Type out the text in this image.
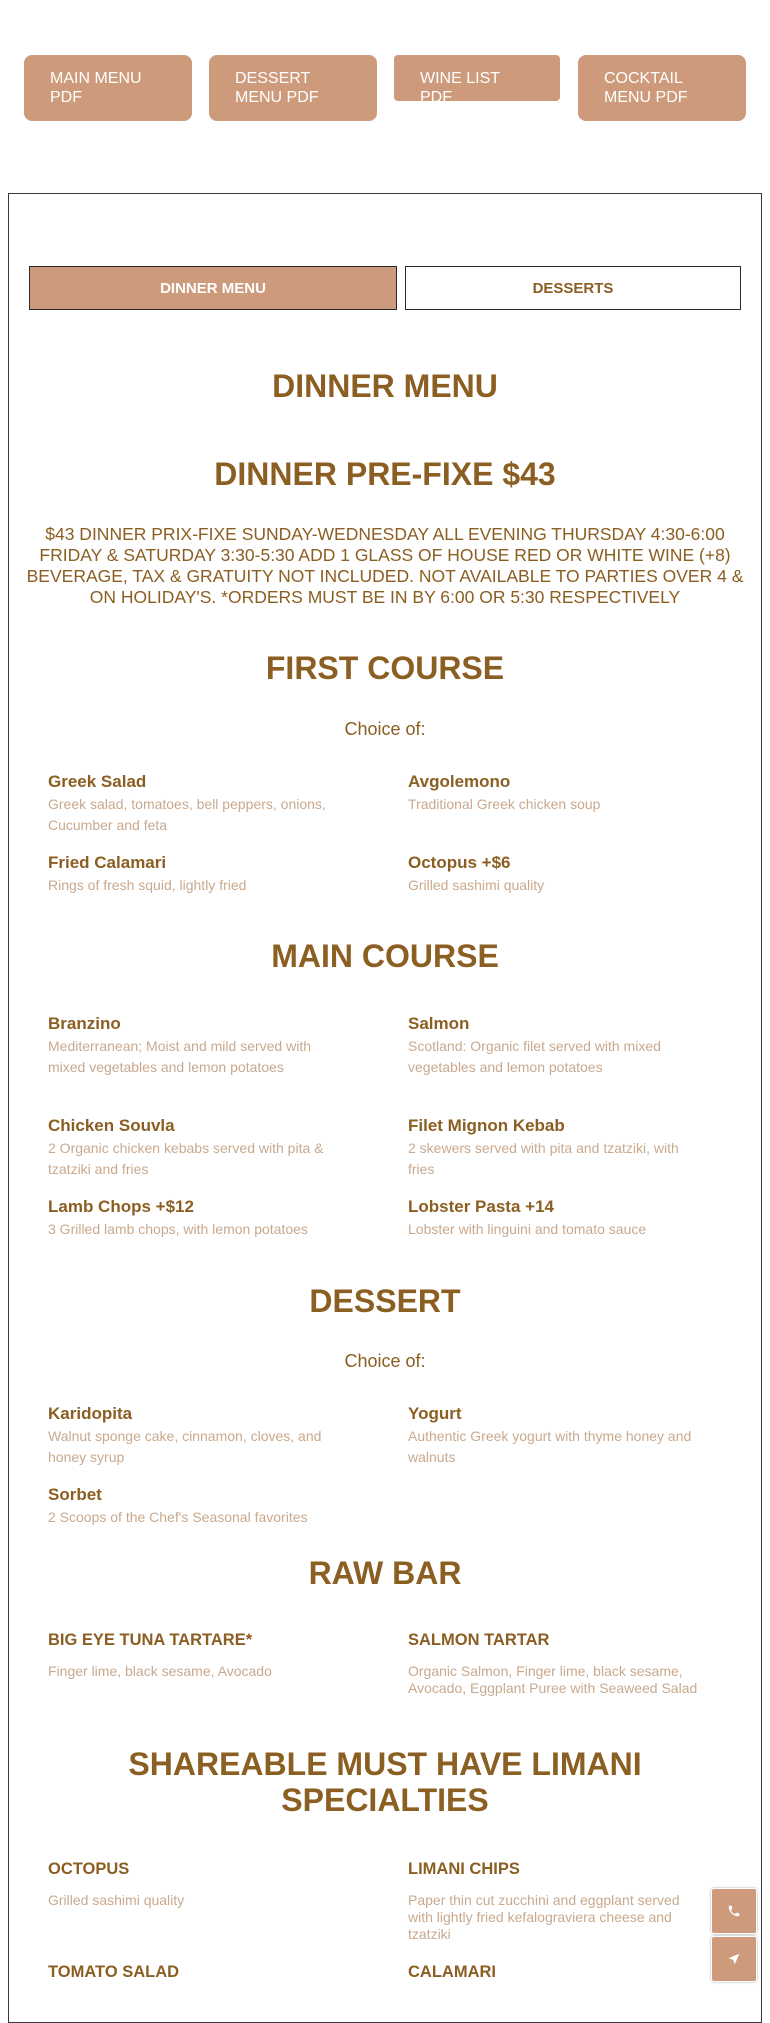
MAIN MENU
PDF
DESSERT
MENU PDF
WINE LIST PDF
COCKTAIL
MENU PDF
DINNER MENU	DESSERTS
DINNER MENU
DINNER PRE-FIXE $43
$43 DINNER PRIX-FIXE SUNDAY-WEDNESDAY ALL EVENING THURSDAY 4:30-6:00 FRIDAY & SATURDAY 3:30-5:30 ADD 1 GLASS OF HOUSE RED OR WHITE WINE (+8) BEVERAGE, TAX & GRATUITY NOT INCLUDED. NOT AVAILABLE TO PARTIES OVER 4 & ON HOLIDAY'S. *ORDERS MUST BE IN BY 6:00 OR 5:30 RESPECTIVELY
FIRST COURSE
Choice of:
Greek Salad
Greek salad, tomatoes, bell peppers, onions, Cucumber and feta
Avgolemono
Traditional Greek chicken soup
Fried Calamari
Rings of fresh squid, lightly fried
Octopus +$6
Grilled sashimi quality
MAIN COURSE
Branzino
Mediterranean; Moist and mild served with mixed vegetables and lemon potatoes
Salmon
Scotland: Organic filet served with mixed vegetables and lemon potatoes
Chicken Souvla
2 Organic chicken kebabs served with pita & tzatziki and fries
Filet Mignon Kebab
2 skewers served with pita and tzatziki, with fries
Lamb Chops +$12
3 Grilled lamb chops, with lemon potatoes
Lobster Pasta +14
Lobster with linguini and tomato sauce
DESSERT
Choice of:
Karidopita
Walnut sponge cake, cinnamon, cloves, and honey syrup
Yogurt
Authentic Greek yogurt with thyme honey and walnuts
Sorbet
2 Scoops of the Chef's Seasonal favorites
RAW BAR
BIG EYE TUNA TARTARE*
Finger lime, black sesame, Avocado
SALMON TARTAR
Organic Salmon, Finger lime, black sesame, Avocado, Eggplant Puree with Seaweed Salad
SHAREABLE MUST HAVE LIMANI
SPECIALTIES
OCTOPUS
Grilled sashimi quality
LIMANI CHIPS
Paper thin cut zucchini and eggplant served with lightly fried kefalograviera cheese and tzatziki
TOMATO SALAD	CALAMARI
